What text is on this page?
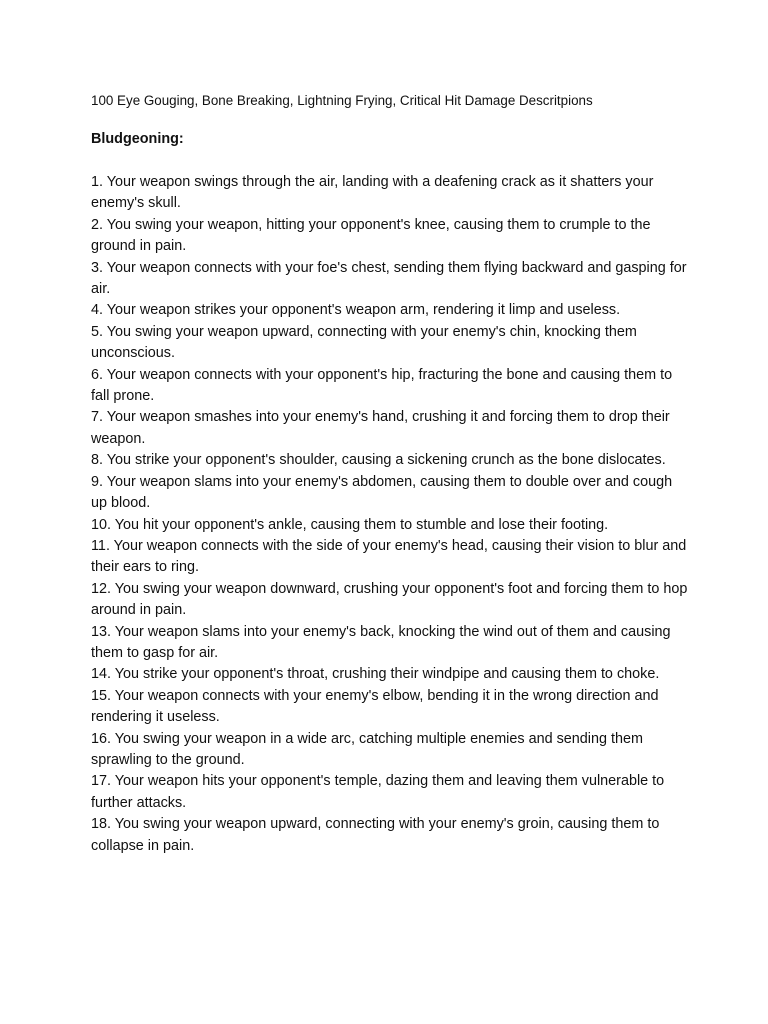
100 Eye Gouging, Bone Breaking, Lightning Frying, Critical Hit Damage Descritpions

Bludgeoning:

1. Your weapon swings through the air, landing with a deafening crack as it shatters your enemy's skull.
2. You swing your weapon, hitting your opponent's knee, causing them to crumple to the ground in pain.
3. Your weapon connects with your foe's chest, sending them flying backward and gasping for air.
4. Your weapon strikes your opponent's weapon arm, rendering it limp and useless.
5. You swing your weapon upward, connecting with your enemy's chin, knocking them unconscious.
6. Your weapon connects with your opponent's hip, fracturing the bone and causing them to fall prone.
7. Your weapon smashes into your enemy's hand, crushing it and forcing them to drop their weapon.
8. You strike your opponent's shoulder, causing a sickening crunch as the bone dislocates.
9. Your weapon slams into your enemy's abdomen, causing them to double over and cough up blood.
10. You hit your opponent's ankle, causing them to stumble and lose their footing.
11. Your weapon connects with the side of your enemy's head, causing their vision to blur and their ears to ring.
12. You swing your weapon downward, crushing your opponent's foot and forcing them to hop around in pain.
13. Your weapon slams into your enemy's back, knocking the wind out of them and causing them to gasp for air.
14. You strike your opponent's throat, crushing their windpipe and causing them to choke.
15. Your weapon connects with your enemy's elbow, bending it in the wrong direction and rendering it useless.
16. You swing your weapon in a wide arc, catching multiple enemies and sending them sprawling to the ground.
17. Your weapon hits your opponent's temple, dazing them and leaving them vulnerable to further attacks.
18. You swing your weapon upward, connecting with your enemy's groin, causing them to collapse in pain.
